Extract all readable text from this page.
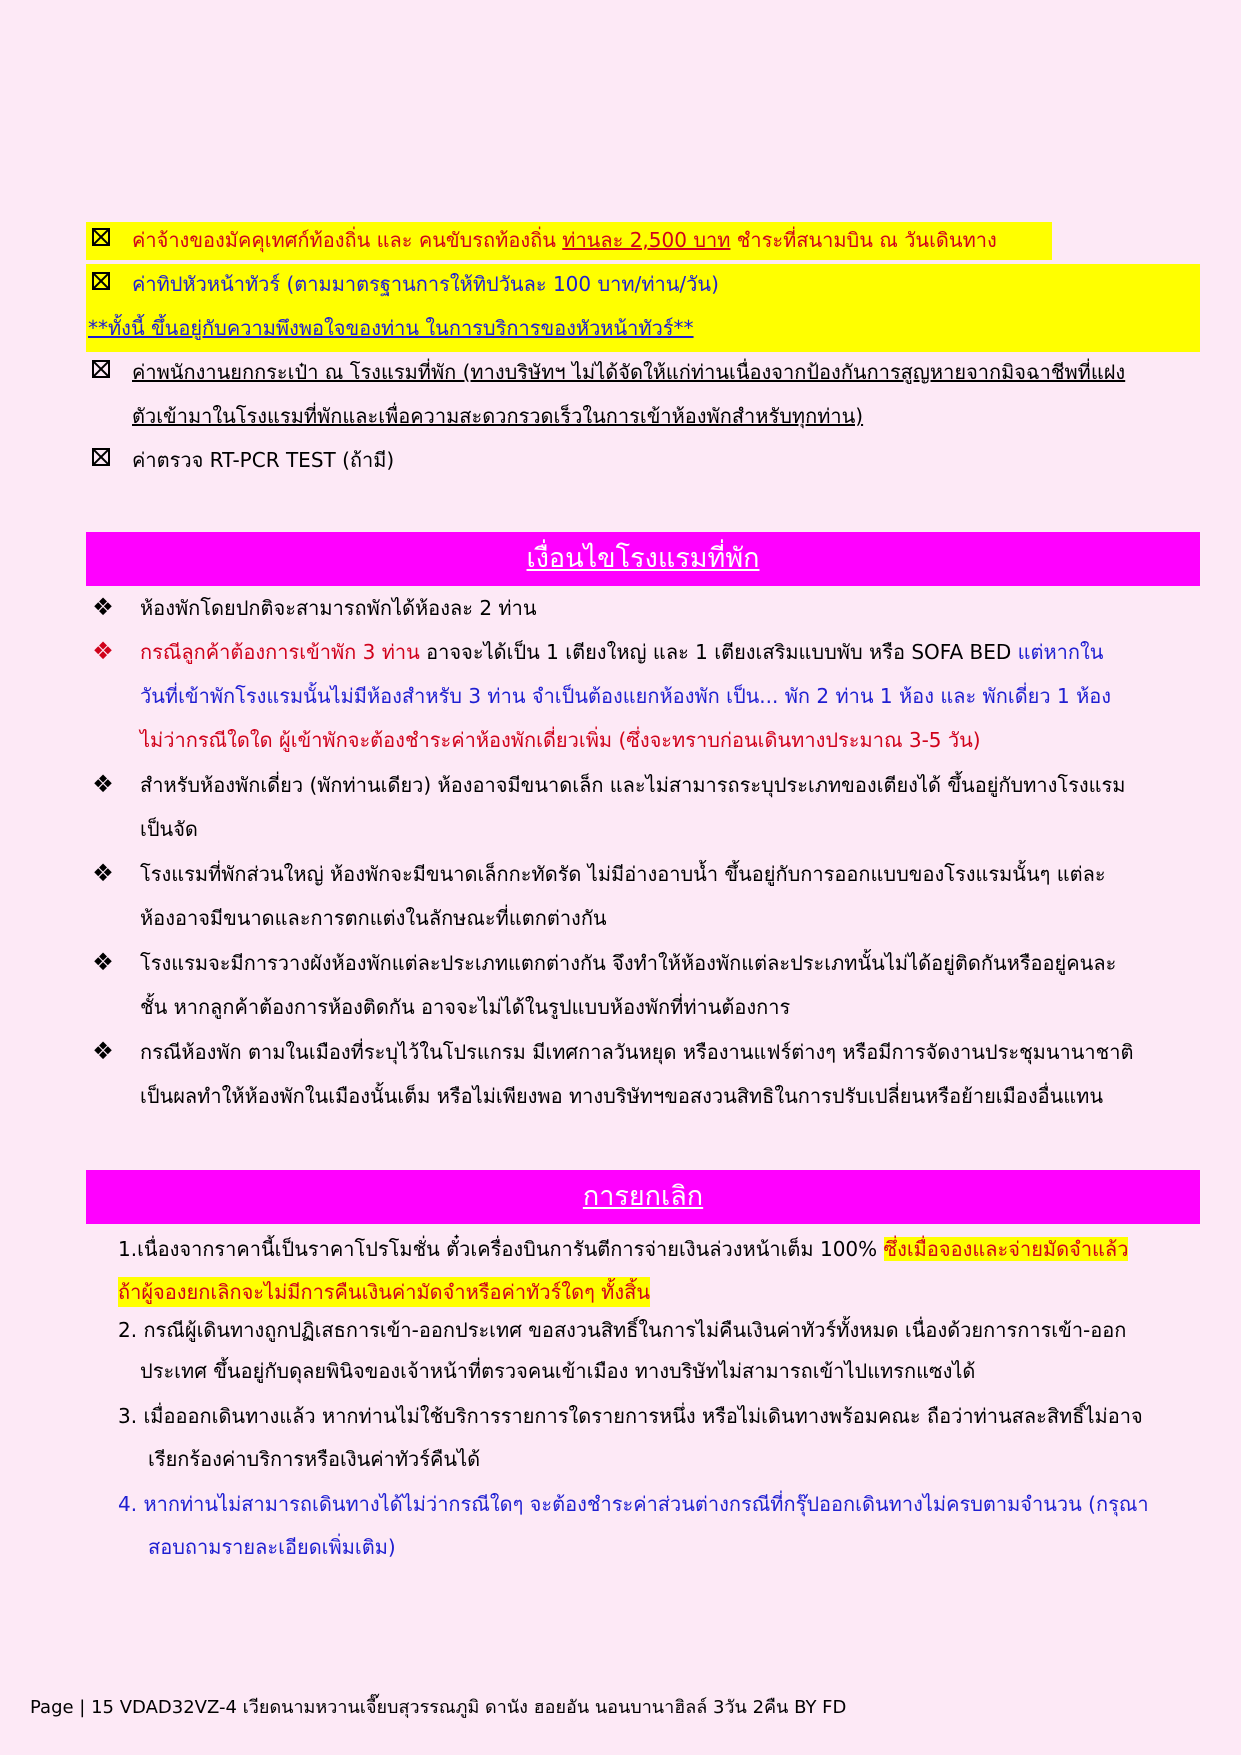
ค่าจ้างของมัคคุเทศก์ท้องถิ่น และ คนขับรถท้องถิ่น ท่านละ 2,500 บาท ชำระที่สนามบิน ณ วันเดินทาง
ค่าทิปหัวหน้าทัวร์ (ตามมาตรฐานการให้ทิปวันละ 100 บาท/ท่าน/วัน)
**ทั้งนี้ ขึ้นอยู่กับความพึงพอใจของท่าน ในการบริการของหัวหน้าทัวร์**
ค่าพนักงานยกกระเป๋า ณ โรงแรมที่พัก (ทางบริษัทฯ ไม่ได้จัดให้แก่ท่านเนื่องจากป้องกันการสูญหายจากมิจฉาชีพที่แฝง
ตัวเข้ามาในโรงแรมที่พักและเพื่อความสะดวกรวดเร็วในการเข้าห้องพักสำหรับทุกท่าน)
ค่าตรวจ RT-PCR TEST (ถ้ามี)
เงื่อนไขโรงแรมที่พัก
❖ ห้องพักโดยปกติจะสามารถพักได้ห้องละ 2 ท่าน
❖ กรณีลูกค้าต้องการเข้าพัก 3 ท่าน อาจจะได้เป็น 1 เตียงใหญ่ และ 1 เตียงเสริมแบบพับ หรือ SOFA BED แต่หากใน
วันที่เข้าพักโรงแรมนั้นไม่มีห้องสำหรับ 3 ท่าน จำเป็นต้องแยกห้องพัก เป็น... พัก 2 ท่าน 1 ห้อง และ พักเดี่ยว 1 ห้อง
ไม่ว่ากรณีใดใด ผู้เข้าพักจะต้องชำระค่าห้องพักเดี่ยวเพิ่ม (ซึ่งจะทราบก่อนเดินทางประมาณ 3-5 วัน)
❖ สำหรับห้องพักเดี่ยว (พักท่านเดียว) ห้องอาจมีขนาดเล็ก และไม่สามารถระบุประเภทของเตียงได้ ขึ้นอยู่กับทางโรงแรม
เป็นจัด
❖ โรงแรมที่พักส่วนใหญ่ ห้องพักจะมีขนาดเล็กกะทัดรัด ไม่มีอ่างอาบน้ำ ขึ้นอยู่กับการออกแบบของโรงแรมนั้นๆ แต่ละ
ห้องอาจมีขนาดและการตกแต่งในลักษณะที่แตกต่างกัน
❖ โรงแรมจะมีการวางผังห้องพักแต่ละประเภทแตกต่างกัน จึงทำให้ห้องพักแต่ละประเภทนั้นไม่ได้อยู่ติดกันหรืออยู่คนละ
ชั้น หากลูกค้าต้องการห้องติดกัน อาจจะไม่ได้ในรูปแบบห้องพักที่ท่านต้องการ
❖ กรณีห้องพัก ตามในเมืองที่ระบุไว้ในโปรแกรม มีเทศกาลวันหยุด หรืองานแฟร์ต่างๆ หรือมีการจัดงานประชุมนานาชาติ
เป็นผลทำให้ห้องพักในเมืองนั้นเต็ม หรือไม่เพียงพอ ทางบริษัทฯขอสงวนสิทธิในการปรับเปลี่ยนหรือย้ายเมืองอื่นแทน
การยกเลิก
1.เนื่องจากราคานี้เป็นราคาโปรโมชั่น ตั๋วเครื่องบินการันตีการจ่ายเงินล่วงหน้าเต็ม 100% ซึ่งเมื่อจองและจ่ายมัดจำแล้ว
ถ้าผู้จองยกเลิกจะไม่มีการคืนเงินค่ามัดจำหรือค่าทัวร์ใดๆ ทั้งสิ้น
2. กรณีผู้เดินทางถูกปฏิเสธการเข้า-ออกประเทศ ขอสงวนสิทธิ์ในการไม่คืนเงินค่าทัวร์ทั้งหมด เนื่องด้วยการการเข้า-ออก
ประเทศ ขึ้นอยู่กับดุลยพินิจของเจ้าหน้าที่ตรวจคนเข้าเมือง ทางบริษัทไม่สามารถเข้าไปแทรกแซงได้
3. เมื่อออกเดินทางแล้ว หากท่านไม่ใช้บริการรายการใดรายการหนึ่ง หรือไม่เดินทางพร้อมคณะ ถือว่าท่านสละสิทธิ์ไม่อาจ
เรียกร้องค่าบริการหรือเงินค่าทัวร์คืนได้
4. หากท่านไม่สามารถเดินทางได้ไม่ว่ากรณีใดๆ จะต้องชำระค่าส่วนต่างกรณีที่กรุ๊ปออกเดินทางไม่ครบตามจำนวน (กรุณา
สอบถามรายละเอียดเพิ่มเติม)
Page | 15 VDAD32VZ-4 เวียดนามหวานเจี๊ยบสุวรรณภูมิ ดานัง ฮอยอัน นอนบานาฮิลล์ 3วัน 2คืน BY FD
